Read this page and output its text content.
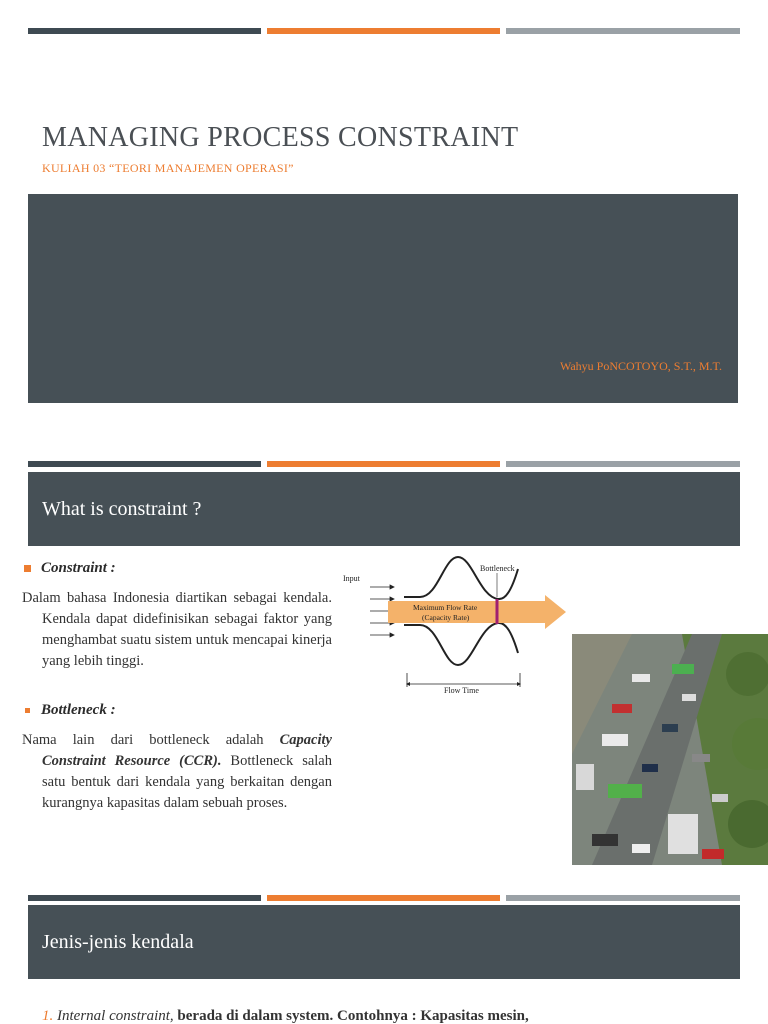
MANAGING PROCESS CONSTRAINT
KULIAH 03 “TEORI MANAJEMEN OPERASI”
Wahyu PoNCOTOYO, S.T., M.T.
What is constraint ?
Constraint :
Dalam bahasa Indonesia diartikan sebagai kendala. Kendala dapat didefinisikan sebagai faktor yang menghambat suatu sistem untuk mencapai kinerja yang lebih tinggi.
Bottleneck :
Nama lain dari bottleneck adalah Capacity Constraint Resource (CCR). Bottleneck salah satu bentuk dari kendala yang berkaitan dengan kurangnya kapasitas dalam sebuah proses.
Input
Bottleneck
Maximum Flow Rate
(Capacity Rate)
Flow Time
Jenis-jenis kendala
1. Internal constraint, berada di dalam system. Contohnya : Kapasitas mesin,
